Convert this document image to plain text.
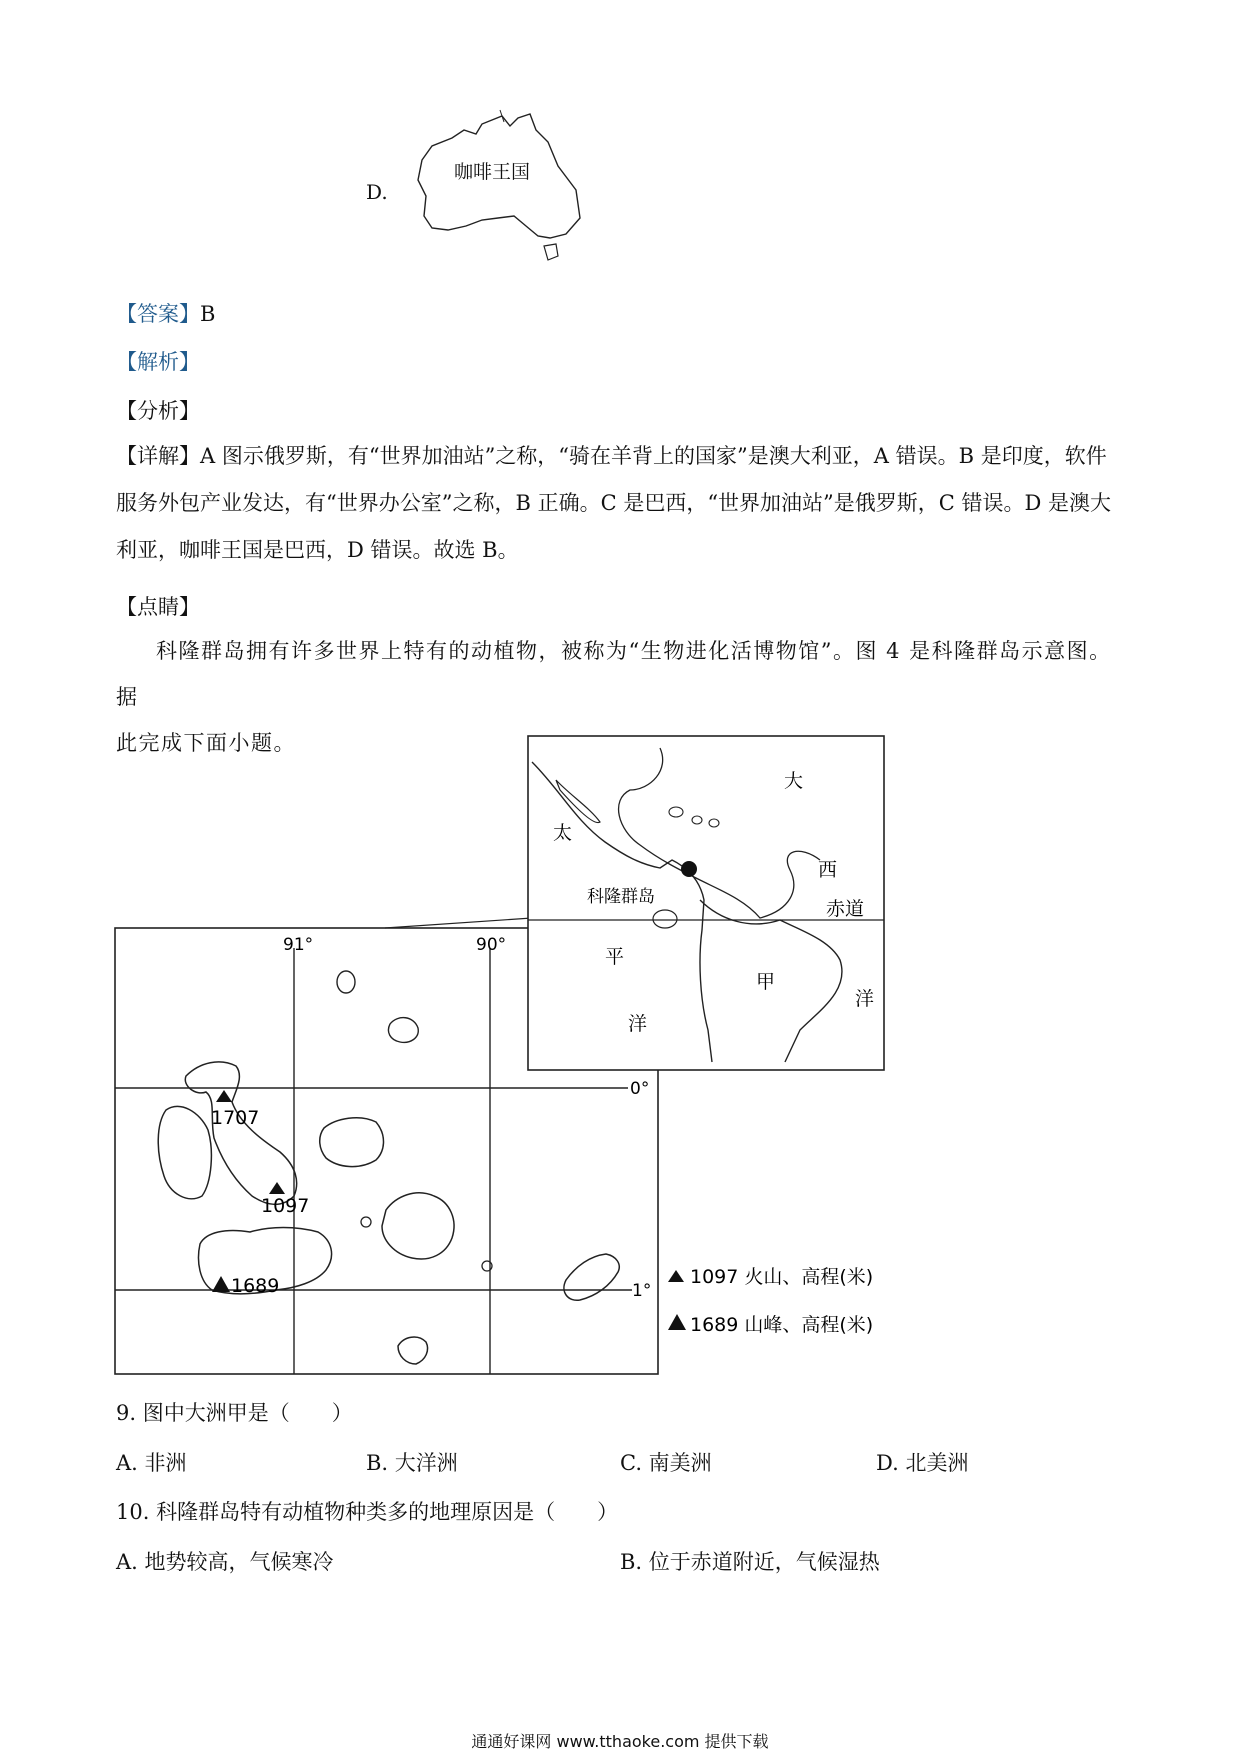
D.
咖啡王国
【答案】B
【解析】
【分析】

【详解】A 图示俄罗斯，有“世界加油站”之称，“骑在羊背上的国家”是澳大利亚，A 错误。B 是印度，软件

服务外包产业发达，有“世界办公室”之称，B 正确。C 是巴西，“世界加油站”是俄罗斯，C 错误。D 是澳大

利亚，咖啡王国是巴西，D 错误。故选 B。

【点睛】
科隆群岛拥有许多世界上特有的动植物，被称为“生物进化活博物馆”。图 4 是科隆群岛示意图。据
此完成下面小题。
大
太
西
赤道
科隆群岛
平
甲
洋
洋
91°	90°
0°
1°
1707
1097
1689	1097 火山、高程(米)
1689 山峰、高程(米)
9. 图中大洲甲是（　　）
A. 非洲	B. 大洋洲	C. 南美洲	D. 北美洲
10. 科隆群岛特有动植物种类多的地理原因是（　　）
A. 地势较高，气候寒冷	B. 位于赤道附近，气候湿热
通通好课网 www.tthaoke.com 提供下载
